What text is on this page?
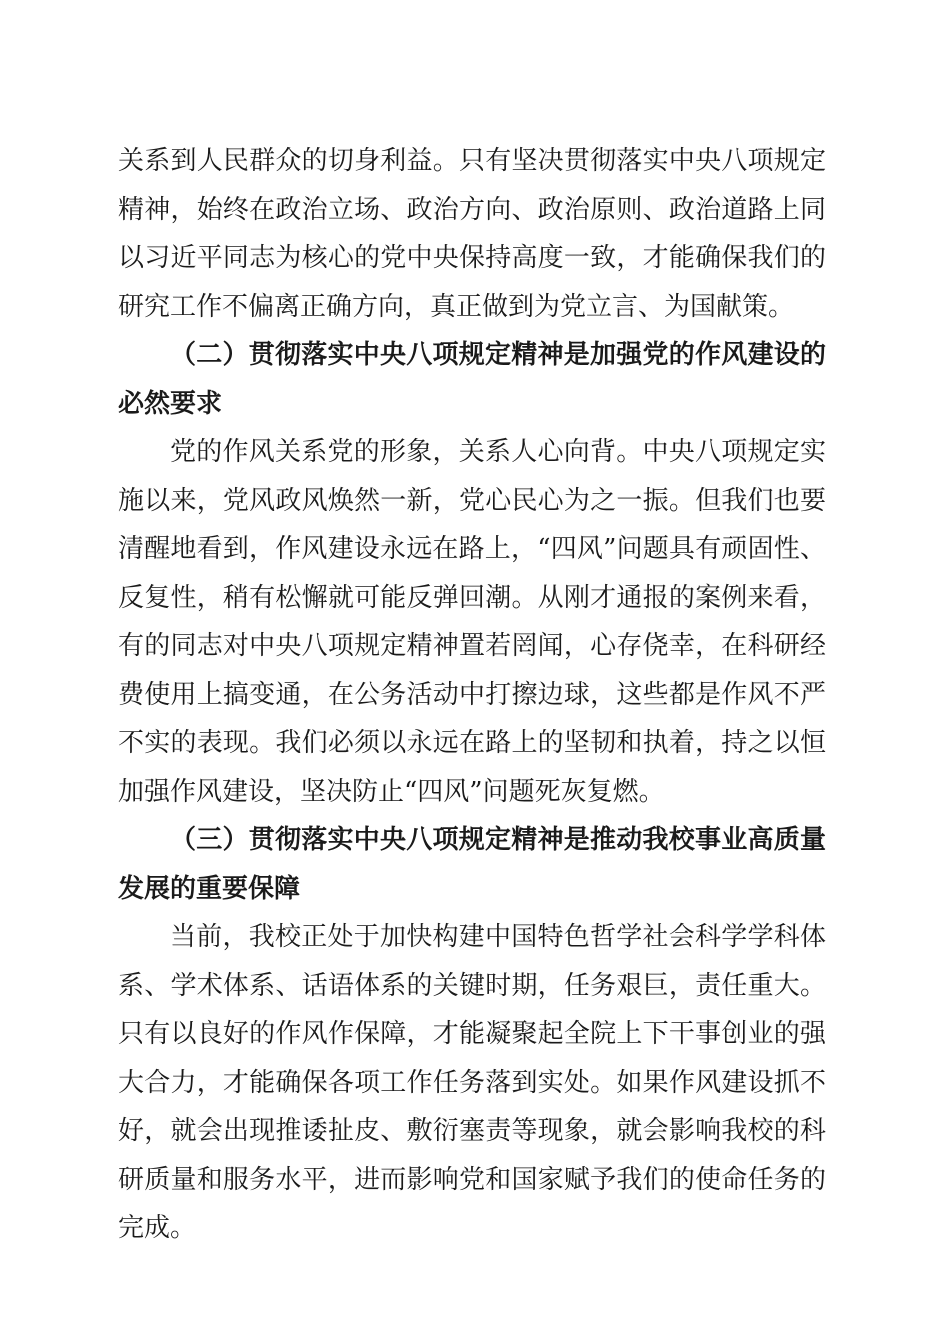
关系到人民群众的切身利益。只有坚决贯彻落实中央八项规定
精神，始终在政治立场、政治方向、政治原则、政治道路上同
以习近平同志为核心的党中央保持高度一致，才能确保我们的
研究工作不偏离正确方向，真正做到为党立言、为国献策。
（二）贯彻落实中央八项规定精神是加强党的作风建设的
必然要求
党的作风关系党的形象，关系人心向背。中央八项规定实
施以来，党风政风焕然一新，党心民心为之一振。但我们也要
清醒地看到，作风建设永远在路上，“四风”问题具有顽固性、
反复性，稍有松懈就可能反弹回潮。从刚才通报的案例来看，
有的同志对中央八项规定精神置若罔闻，心存侥幸，在科研经
费使用上搞变通，在公务活动中打擦边球，这些都是作风不严
不实的表现。我们必须以永远在路上的坚韧和执着，持之以恒
加强作风建设，坚决防止“四风”问题死灰复燃。
（三）贯彻落实中央八项规定精神是推动我校事业高质量
发展的重要保障
当前，我校正处于加快构建中国特色哲学社会科学学科体
系、学术体系、话语体系的关键时期，任务艰巨，责任重大。
只有以良好的作风作保障，才能凝聚起全院上下干事创业的强
大合力，才能确保各项工作任务落到实处。如果作风建设抓不
好，就会出现推诿扯皮、敷衍塞责等现象，就会影响我校的科
研质量和服务水平，进而影响党和国家赋予我们的使命任务的
完成。
